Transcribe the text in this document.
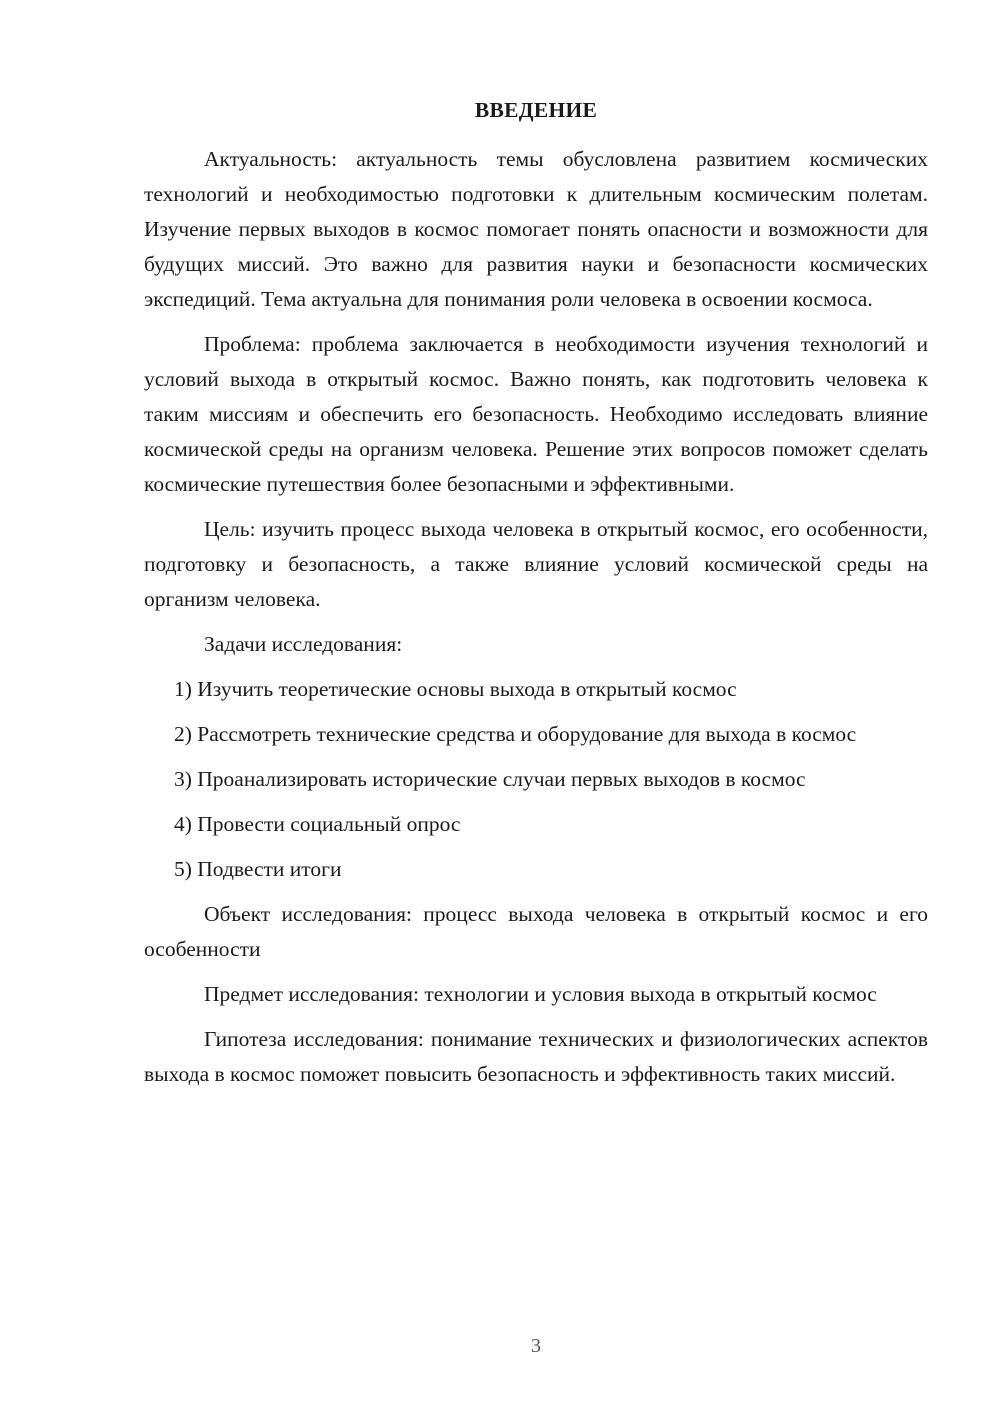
ВВЕДЕНИЕ

Актуальность: актуальность темы обусловлена развитием космических технологий и необходимостью подготовки к длительным космическим полетам. Изучение первых выходов в космос помогает понять опасности и возможности для будущих миссий. Это важно для развития науки и безопасности космических экспедиций. Тема актуальна для понимания роли человека в освоении космоса.

Проблема: проблема заключается в необходимости изучения технологий и условий выхода в открытый космос. Важно понять, как подготовить человека к таким миссиям и обеспечить его безопасность. Необходимо исследовать влияние космической среды на организм человека. Решение этих вопросов поможет сделать космические путешествия более безопасными и эффективными.

Цель: изучить процесс выхода человека в открытый космос, его особенности, подготовку и безопасность, а также влияние условий космической среды на организм человека.

Задачи исследования:

1) Изучить теоретические основы выхода в открытый космос

2) Рассмотреть технические средства и оборудование для выхода в космос

3) Проанализировать исторические случаи первых выходов в космос

4) Провести социальный опрос

5) Подвести итоги

Объект исследования: процесс выхода человека в открытый космос и его особенности

Предмет исследования: технологии и условия выхода в открытый космос

Гипотеза исследования: понимание технических и физиологических аспектов выхода в космос поможет повысить безопасность и эффективность таких миссий.

3
